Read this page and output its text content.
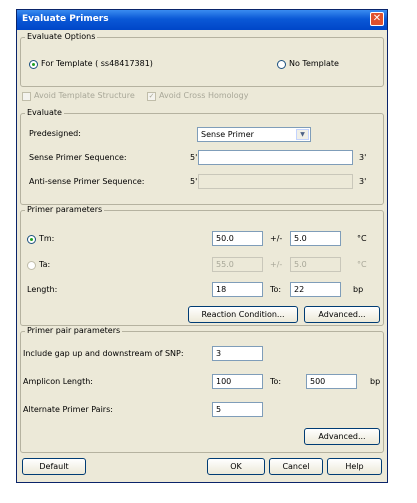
Evaluate Primers	✕
Evaluate Options
For Template ( ss48417381)	No Template
Avoid Template Structure ✓ Avoid Cross Homology
Evaluate
Predesigned:	Sense Primer	▼
Sense Primer Sequence:	5'	3'
Anti-sense Primer Sequence:	5'	3'
Primer parameters
Tm:	50.0	+/-	5.0	°C
Ta:	55.0	+/-	5.0	°C
Length:	18	To:	22	bp
Reaction Condition...	Advanced...
Primer pair parameters
Include gap up and downstream of SNP:	3
Amplicon Length:	100	To:	500	bp
Alternate Primer Pairs:	5
Advanced...
Default	OK	Cancel	Help
